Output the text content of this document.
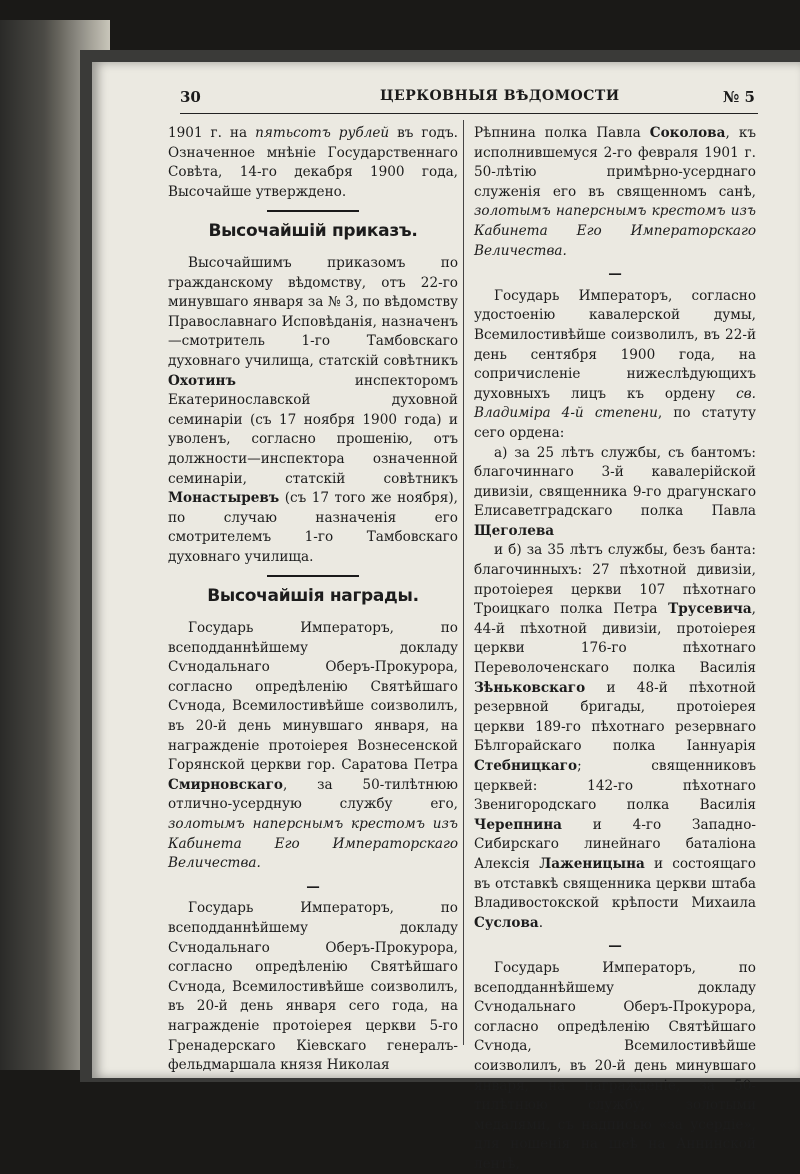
30	ЦЕРКОВНЫЯ ВѢДОМОСТИ	№ 5

1901 г. на пятьсотъ рублей въ годъ. Означенное мнѣніе Государственнаго Совѣта, 14-го декабря 1900 года, Высочайше утверждено.

Высочайшій приказъ.

Высочайшимъ приказомъ по гражданскому вѣдомству, отъ 22-го минувшаго января за № 3, по вѣдомству Православнаго Исповѣданія, назначенъ—смотритель 1-го Тамбовскаго духовнаго училища, статскій совѣтникъ Охотинъ инспекторомъ Екатеринославской духовной семинаріи (съ 17 ноября 1900 года) и уволенъ, согласно прошенію, отъ должности—инспектора означенной семинаріи, статскій совѣтникъ Монастыревъ (съ 17 того же ноября), по случаю назначенія его смотрителемъ 1-го Тамбовскаго духовнаго училища.

Высочайшія награды.

Государь Императоръ, по всеподданнѣйшему докладу Сѵнодальнаго Оберъ-Прокурора, согласно опредѣленію Святѣйшаго Сѵнода, Всемилостивѣйше соизволилъ, въ 20-й день минувшаго января, на награжденіе протоіерея Вознесенской Горянской церкви гор. Саратова Петра Смирновскаго, за 50-тилѣтнюю отлично-усердную службу его, золотымъ наперснымъ крестомъ изъ Кабинета Его Императорскаго Величества.

—

Государь Императоръ, по всеподданнѣйшему докладу Сѵнодальнаго Оберъ-Прокурора, согласно опредѣленію Святѣйшаго Сѵнода, Всемилостивѣйше соизволилъ, въ 20-й день января сего года, на награжденіе протоіерея церкви 5-го Гренадерскаго Кіевскаго генералъ-фельдмаршала князя Николая

Рѣпнина полка Павла Соколова, къ исполнившемуся 2-го февраля 1901 г. 50-лѣтію примѣрно-усерднаго служенія его въ священномъ санѣ, золотымъ наперснымъ крестомъ изъ Кабинета Его Императорскаго Величества.

—

Государь Императоръ, согласно удостоенію кавалерской думы, Всемилостивѣйше соизволилъ, въ 22-й день сентября 1900 года, на сопричисленіе нижеслѣдующихъ духовныхъ лицъ къ ордену св. Владиміра 4-й степени, по статуту сего ордена:

а) за 25 лѣтъ службы, съ бантомъ: благочиннаго 3-й кавалерійской дивизіи, священника 9-го драгунскаго Елисаветградскаго полка Павла Щеголева

и б) за 35 лѣтъ службы, безъ банта: благочинныхъ: 27 пѣхотной дивизіи, протоіерея церкви 107 пѣхотнаго Троицкаго полка Петра Трусевича, 44-й пѣхотной дивизіи, протоіерея церкви 176-го пѣхотнаго Переволоченскаго полка Василія Зѣньковскаго и 48-й пѣхотной резервной бригады, протоіерея церкви 189-го пѣхотнаго резервнаго Бѣлгорайскаго полка Іаннуарія Стебницкаго; священниковъ церквей: 142-го пѣхотнаго Звенигородскаго полка Василія Черепнина и 4-го Западно-Сибирскаго линейнаго баталіона Алексія Лаженицына и состоящаго въ отставкѣ священника церкви штаба Владивостокской крѣпости Михаила Суслова.

—

Государь Императоръ, по всеподданнѣйшему докладу Сѵнодальнаго Оберъ-Прокурора, согласно опредѣленію Святѣйшаго Сѵнода, Всемилостивѣйше соизволилъ, въ 20-й день минувшаго января, на награжденіе, за 50-тилѣтнюю службу, золотыми медалями, съ надписью «за усердіе», для ношенія на шеѣ на Аннинской лентѣ,
